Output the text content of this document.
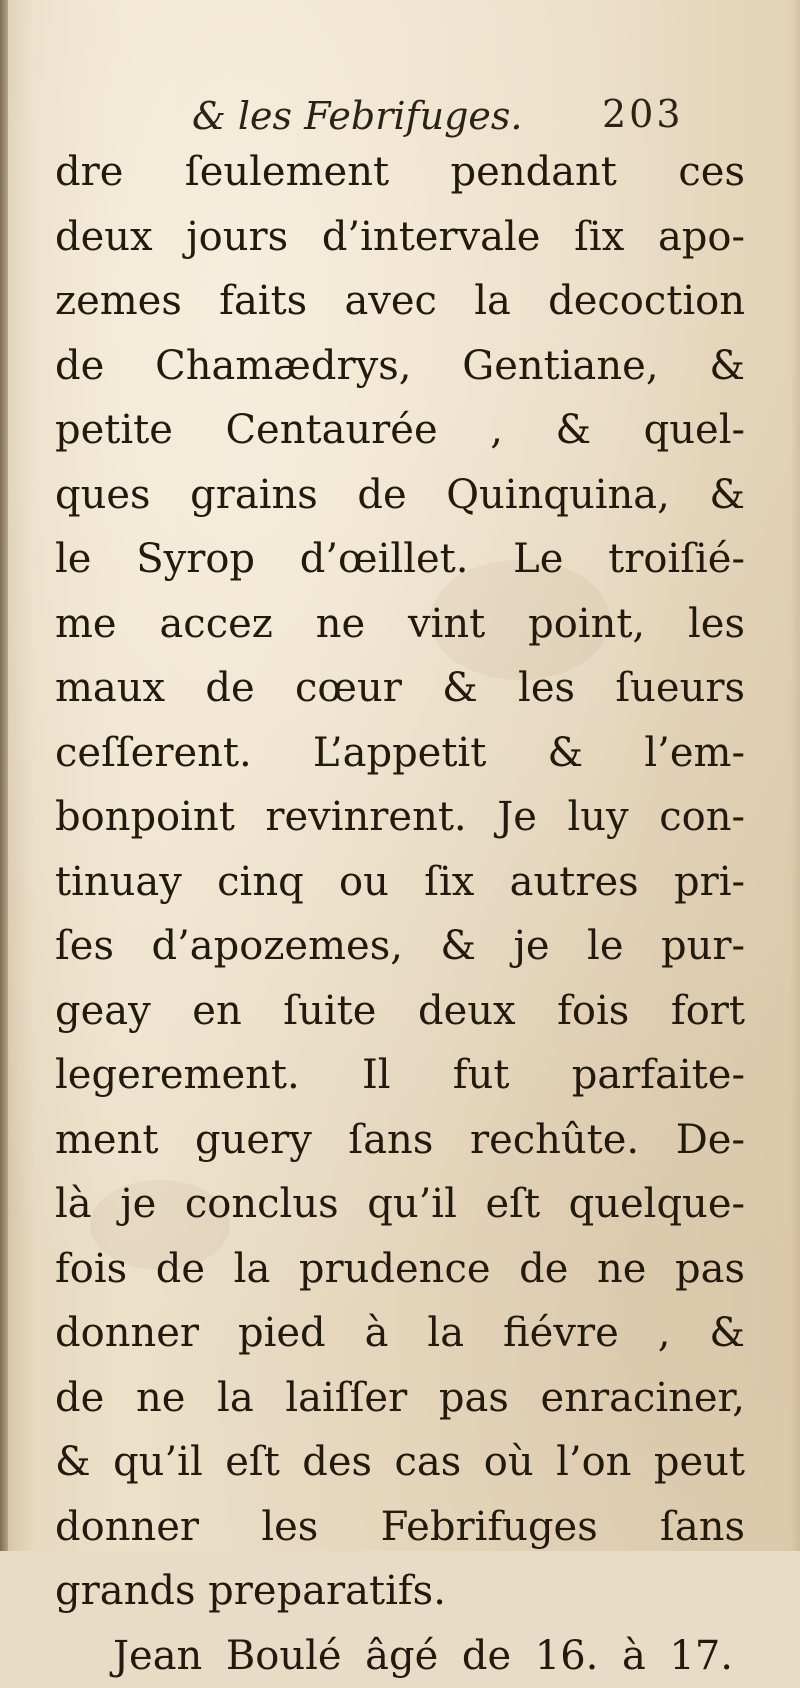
& les Febrifuges. 203
dre ſeulement pendant ces
deux jours d’intervale ſix apo-
zemes faits avec la decoction
de Chamædrys, Gentiane, &
petite Centaurée , & quel-
ques grains de Quinquina, &
le Syrop d’œillet. Le troiſié-
me accez ne vint point, les
maux de cœur & les ſueurs
ceſſerent. L’appetit & l’em-
bonpoint revinrent. Je luy con-
tinuay cinq ou ſix autres pri-
ſes d’apozemes, & je le pur-
geay en ſuite deux fois fort
legerement. Il fut parfaite-
ment guery ſans rechûte. De-
là je conclus qu’il eſt quelque-
fois de la prudence de ne pas
donner pied à la fiévre , &
de ne la laiſſer pas enraciner,
& qu’il eſt des cas où l’on peut
donner les Febrifuges ſans
grands preparatifs.
Jean Boulé âgé de 16. à 17.
